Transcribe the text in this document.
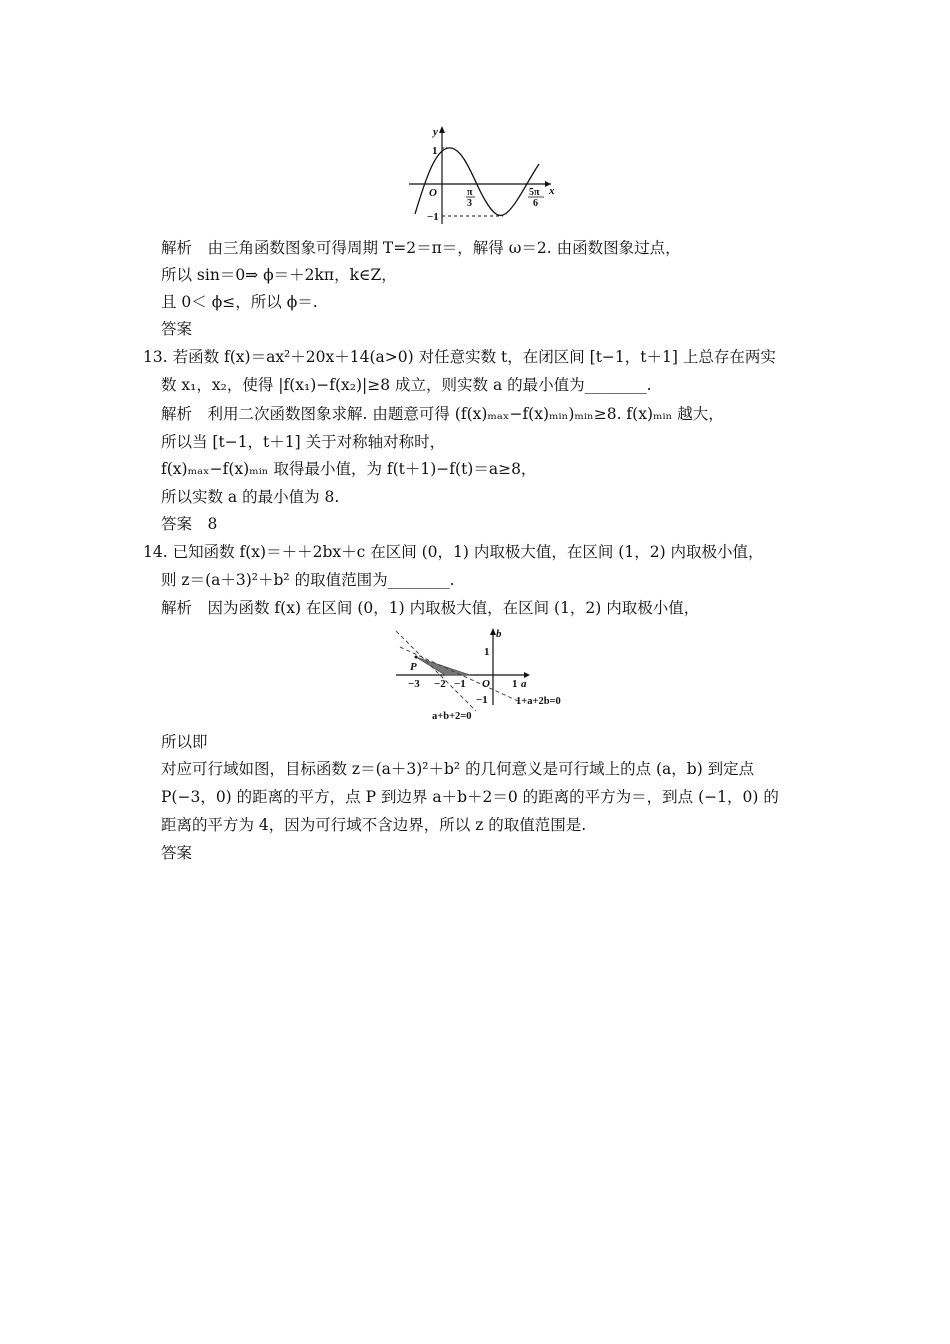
y
x
1
−1
O	π
3
5π
6
解析　由三角函数图象可得周期 T=2＝π＝，解得 ω＝2. 由函数图象过点，
所以 sin＝0⇒ ϕ＝＋2kπ，k∈Z，
且 0＜ ϕ≤，所以 ϕ＝.
答案
13. 若函数 f(x)＝ax²＋20x＋14(a>0) 对任意实数 t，在闭区间 [t−1，t＋1] 上总存在两实
数 x₁，x₂，使得 |f(x₁)−f(x₂)|≥8 成立，则实数 a 的最小值为________.
解析　利用二次函数图象求解. 由题意可得 (f(x)ₘₐₓ−f(x)ₘᵢₙ)ₘᵢₙ≥8. f(x)ₘᵢₙ 越大，
所以当 [t−1，t＋1] 关于对称轴对称时，
f(x)ₘₐₓ−f(x)ₘᵢₙ 取得最小值，为 f(t＋1)−f(t)＝a≥8，
所以实数 a 的最小值为 8.
答案　8
14. 已知函数 f(x)＝＋＋2bx＋c 在区间 (0，1) 内取极大值，在区间 (1，2) 内取极小值，
则 z＝(a＋3)²＋b² 的取值范围为________.
解析　因为函数 f(x) 在区间 (0，1) 内取极大值，在区间 (1，2) 内取极小值，
b
a
1
1
O
−1
−3 −2 −1
P
1+a+2b=0
a+b+2=0
所以即
对应可行域如图，目标函数 z＝(a＋3)²＋b² 的几何意义是可行域上的点 (a，b) 到定点
P(−3，0) 的距离的平方，点 P 到边界 a＋b＋2＝0 的距离的平方为＝，到点 (−1，0) 的
距离的平方为 4，因为可行域不含边界，所以 z 的取值范围是.
答案
